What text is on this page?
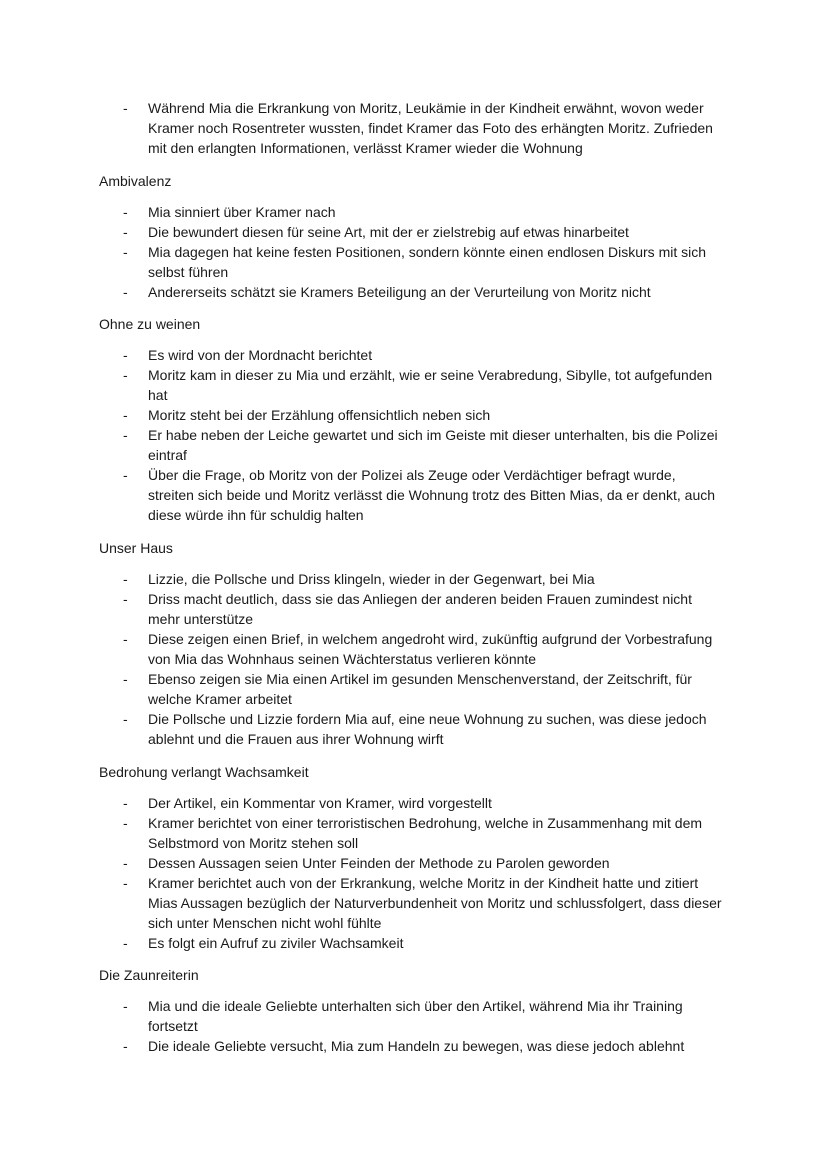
- Während Mia die Erkrankung von Moritz, Leukämie in der Kindheit erwähnt, wovon weder Kramer noch Rosentreter wussten, findet Kramer das Foto des erhängten Moritz. Zufrieden mit den erlangten Informationen, verlässt Kramer wieder die Wohnung
Ambivalenz
- Mia sinniert über Kramer nach
- Die bewundert diesen für seine Art, mit der er zielstrebig auf etwas hinarbeitet
- Mia dagegen hat keine festen Positionen, sondern könnte einen endlosen Diskurs mit sich selbst führen
- Andererseits schätzt sie Kramers Beteiligung an der Verurteilung von Moritz nicht
Ohne zu weinen
- Es wird von der Mordnacht berichtet
- Moritz kam in dieser zu Mia und erzählt, wie er seine Verabredung, Sibylle, tot aufgefunden hat
- Moritz steht bei der Erzählung offensichtlich neben sich
- Er habe neben der Leiche gewartet und sich im Geiste mit dieser unterhalten, bis die Polizei eintraf
- Über die Frage, ob Moritz von der Polizei als Zeuge oder Verdächtiger befragt wurde, streiten sich beide und Moritz verlässt die Wohnung trotz des Bitten Mias, da er denkt, auch diese würde ihn für schuldig halten
Unser Haus
- Lizzie, die Pollsche und Driss klingeln, wieder in der Gegenwart, bei Mia
- Driss macht deutlich, dass sie das Anliegen der anderen beiden Frauen zumindest nicht mehr unterstütze
- Diese zeigen einen Brief, in welchem angedroht wird, zukünftig aufgrund der Vorbestrafung von Mia das Wohnhaus seinen Wächterstatus verlieren könnte
- Ebenso zeigen sie Mia einen Artikel im gesunden Menschenverstand, der Zeitschrift, für welche Kramer arbeitet
- Die Pollsche und Lizzie fordern Mia auf, eine neue Wohnung zu suchen, was diese jedoch ablehnt und die Frauen aus ihrer Wohnung wirft
Bedrohung verlangt Wachsamkeit
- Der Artikel, ein Kommentar von Kramer, wird vorgestellt
- Kramer berichtet von einer terroristischen Bedrohung, welche in Zusammenhang mit dem Selbstmord von Moritz stehen soll
- Dessen Aussagen seien Unter Feinden der Methode zu Parolen geworden
- Kramer berichtet auch von der Erkrankung, welche Moritz in der Kindheit hatte und zitiert Mias Aussagen bezüglich der Naturverbundenheit von Moritz und schlussfolgert, dass dieser sich unter Menschen nicht wohl fühlte
- Es folgt ein Aufruf zu ziviler Wachsamkeit
Die Zaunreiterin
- Mia und die ideale Geliebte unterhalten sich über den Artikel, während Mia ihr Training fortsetzt
- Die ideale Geliebte versucht, Mia zum Handeln zu bewegen, was diese jedoch ablehnt
